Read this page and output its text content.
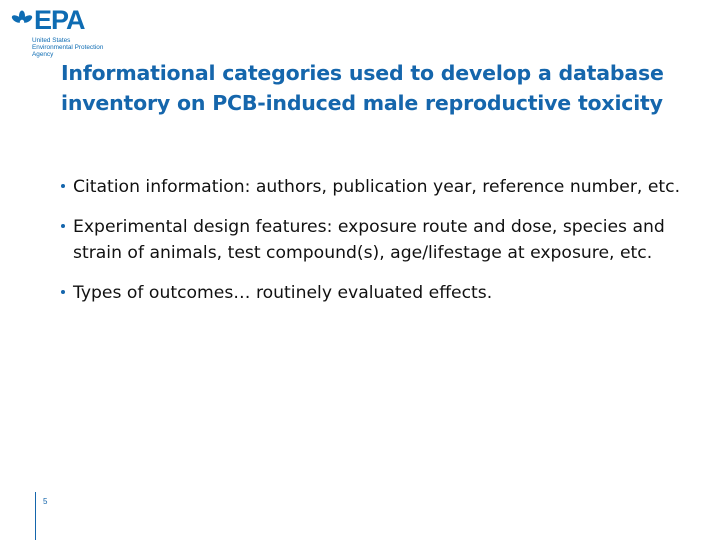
EPA
United States
Environmental Protection
Agency
Informational categories used to develop a database inventory on PCB-induced male reproductive toxicity
Citation information: authors, publication year, reference number, etc.
Experimental design features: exposure route and dose, species and strain of animals, test compound(s), age/lifestage at exposure, etc.
Types of outcomes… routinely evaluated effects.
5
